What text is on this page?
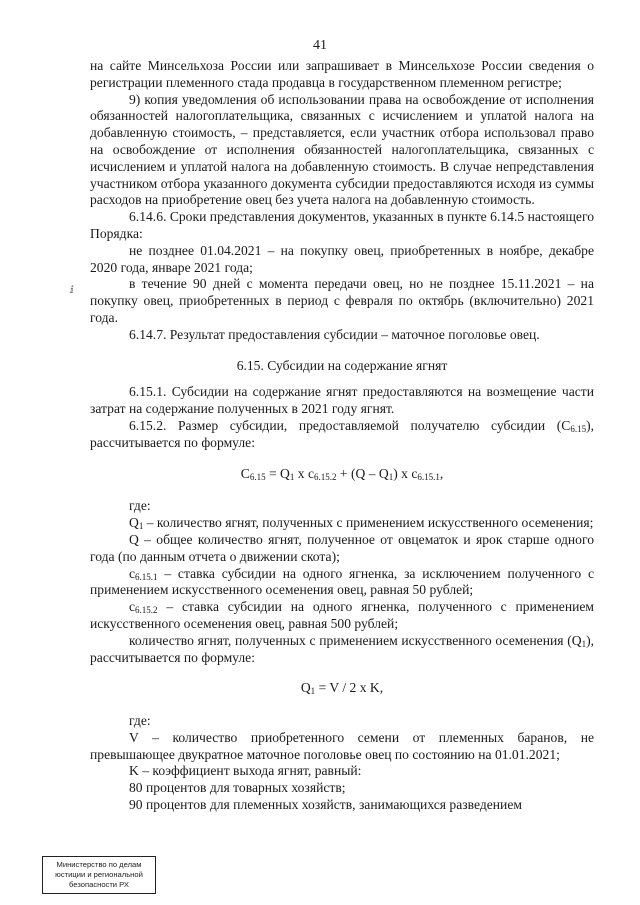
41
ⅈ

на сайте Минсельхоза России или запрашивает в Минсельхозе России сведения о регистрации племенного стада продавца в государственном племенном регистре;

9) копия уведомления об использовании права на освобождение от исполнения обязанностей налогоплательщика, связанных с исчислением и уплатой налога на добавленную стоимость, – представляется, если участник отбора использовал право на освобождение от исполнения обязанностей налогоплательщика, связанных с исчислением и уплатой налога на добавленную стоимость. В случае непредставления участником отбора указанного документа субсидии предоставляются исходя из суммы расходов на приобретение овец без учета налога на добавленную стоимость.

6.14.6. Сроки представления документов, указанных в пункте 6.14.5 настоящего Порядка:

не позднее 01.04.2021 – на покупку овец, приобретенных в ноябре, декабре 2020 года, январе 2021 года;

в течение 90 дней с момента передачи овец, но не позднее 15.11.2021 – на покупку овец, приобретенных в период с февраля по октябрь (включительно) 2021 года.

6.14.7. Результат предоставления субсидии – маточное поголовье овец.

6.15. Субсидии на содержание ягнят

6.15.1. Субсидии на содержание ягнят предоставляются на возмещение части затрат на содержание полученных в 2021 году ягнят.

6.15.2. Размер субсидии, предоставляемой получателю субсидии $(C_{6.15})$, рассчитывается по формуле:

$C_{6.15} = Q_1$ х $c_{6.15.2} + (Q - Q_1)$ х $c_{6.15.1}$,

где:

$Q_1$ – количество ягнят, полученных с применением искусственного осеменения;

Q – общее количество ягнят, полученное от овцематок и ярок старше одного года (по данным отчета о движении скота);

$c_{6.15.1}$ – ставка субсидии на одного ягненка, за исключением полученного с применением искусственного осеменения овец, равная 50 рублей;

$c_{6.15.2}$ – ставка субсидии на одного ягненка, полученного с применением искусственного осеменения овец, равная 500 рублей;

количество ягнят, полученных с применением искусственного осеменения $(Q_1)$, рассчитывается по формуле:

$Q_1 = V / 2$ х K,

где:

V – количество приобретенного семени от племенных баранов, не превышающее двукратное маточное поголовье овец по состоянию на 01.01.2021;

K – коэффициент выхода ягнят, равный:

80 процентов для товарных хозяйств;

90 процентов для племенных хозяйств, занимающихся разведением

Министерство по делам
юстиции и региональной
безопасности РХ
